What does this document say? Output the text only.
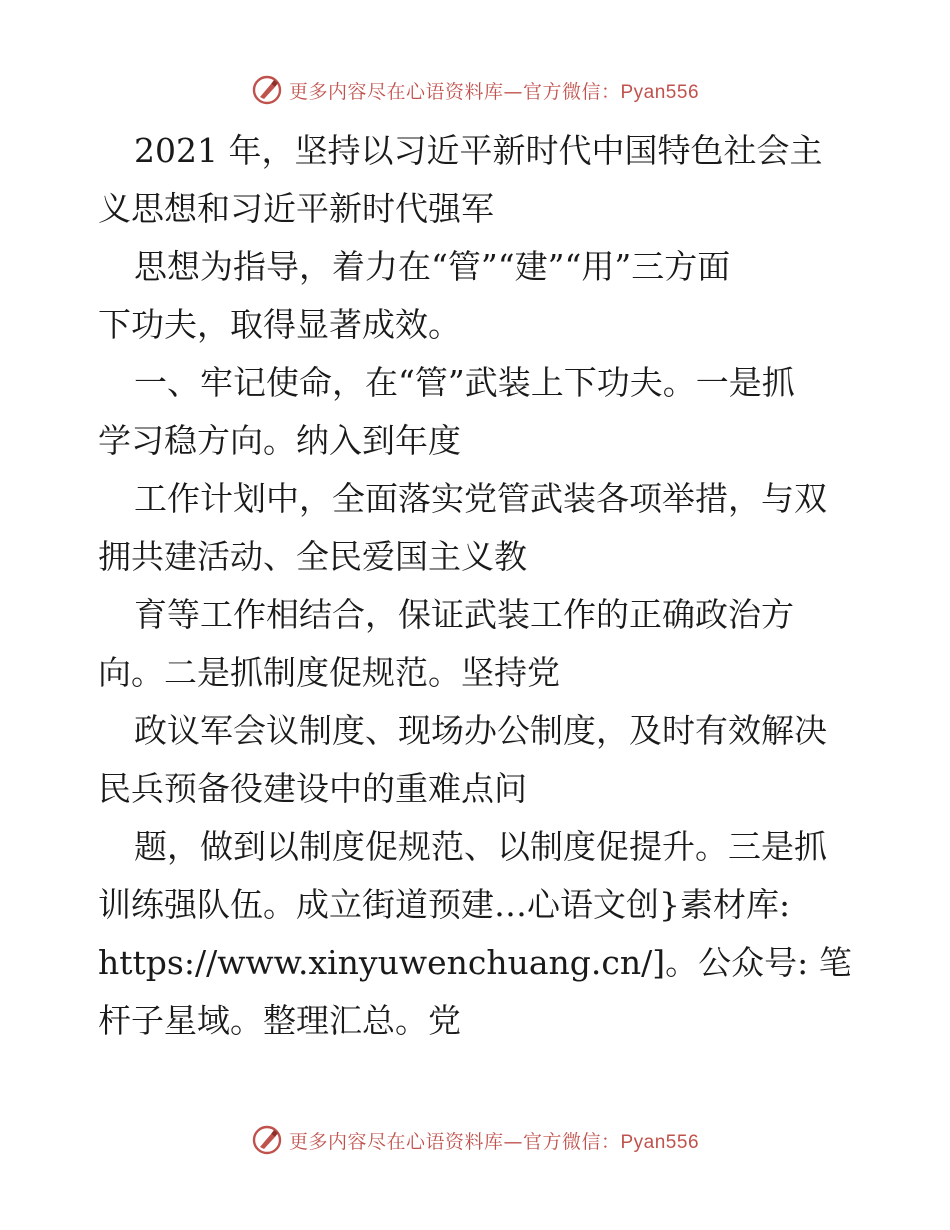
更多内容尽在心语资料库—官方微信：Pyan556
2021 年，坚持以习近平新时代中国特色社会主
义思想和习近平新时代强军
思想为指导，着力在“管”“建”“用”三方面
下功夫，取得显著成效。
一、牢记使命，在“管”武装上下功夫。一是抓
学习稳方向。纳入到年度
工作计划中，全面落实党管武装各项举措，与双
拥共建活动、全民爱国主义教
育等工作相结合，保证武装工作的正确政治方
向。二是抓制度促规范。坚持党
政议军会议制度、现场办公制度，及时有效解决
民兵预备役建设中的重难点问
题，做到以制度促规范、以制度促提升。三是抓
训练强队伍。成立街道预建…心语文创}素材库:
https://www.xinyuwenchuang.cn/]。公众号: 笔
杆子星域。整理汇总。党
更多内容尽在心语资料库—官方微信：Pyan556
